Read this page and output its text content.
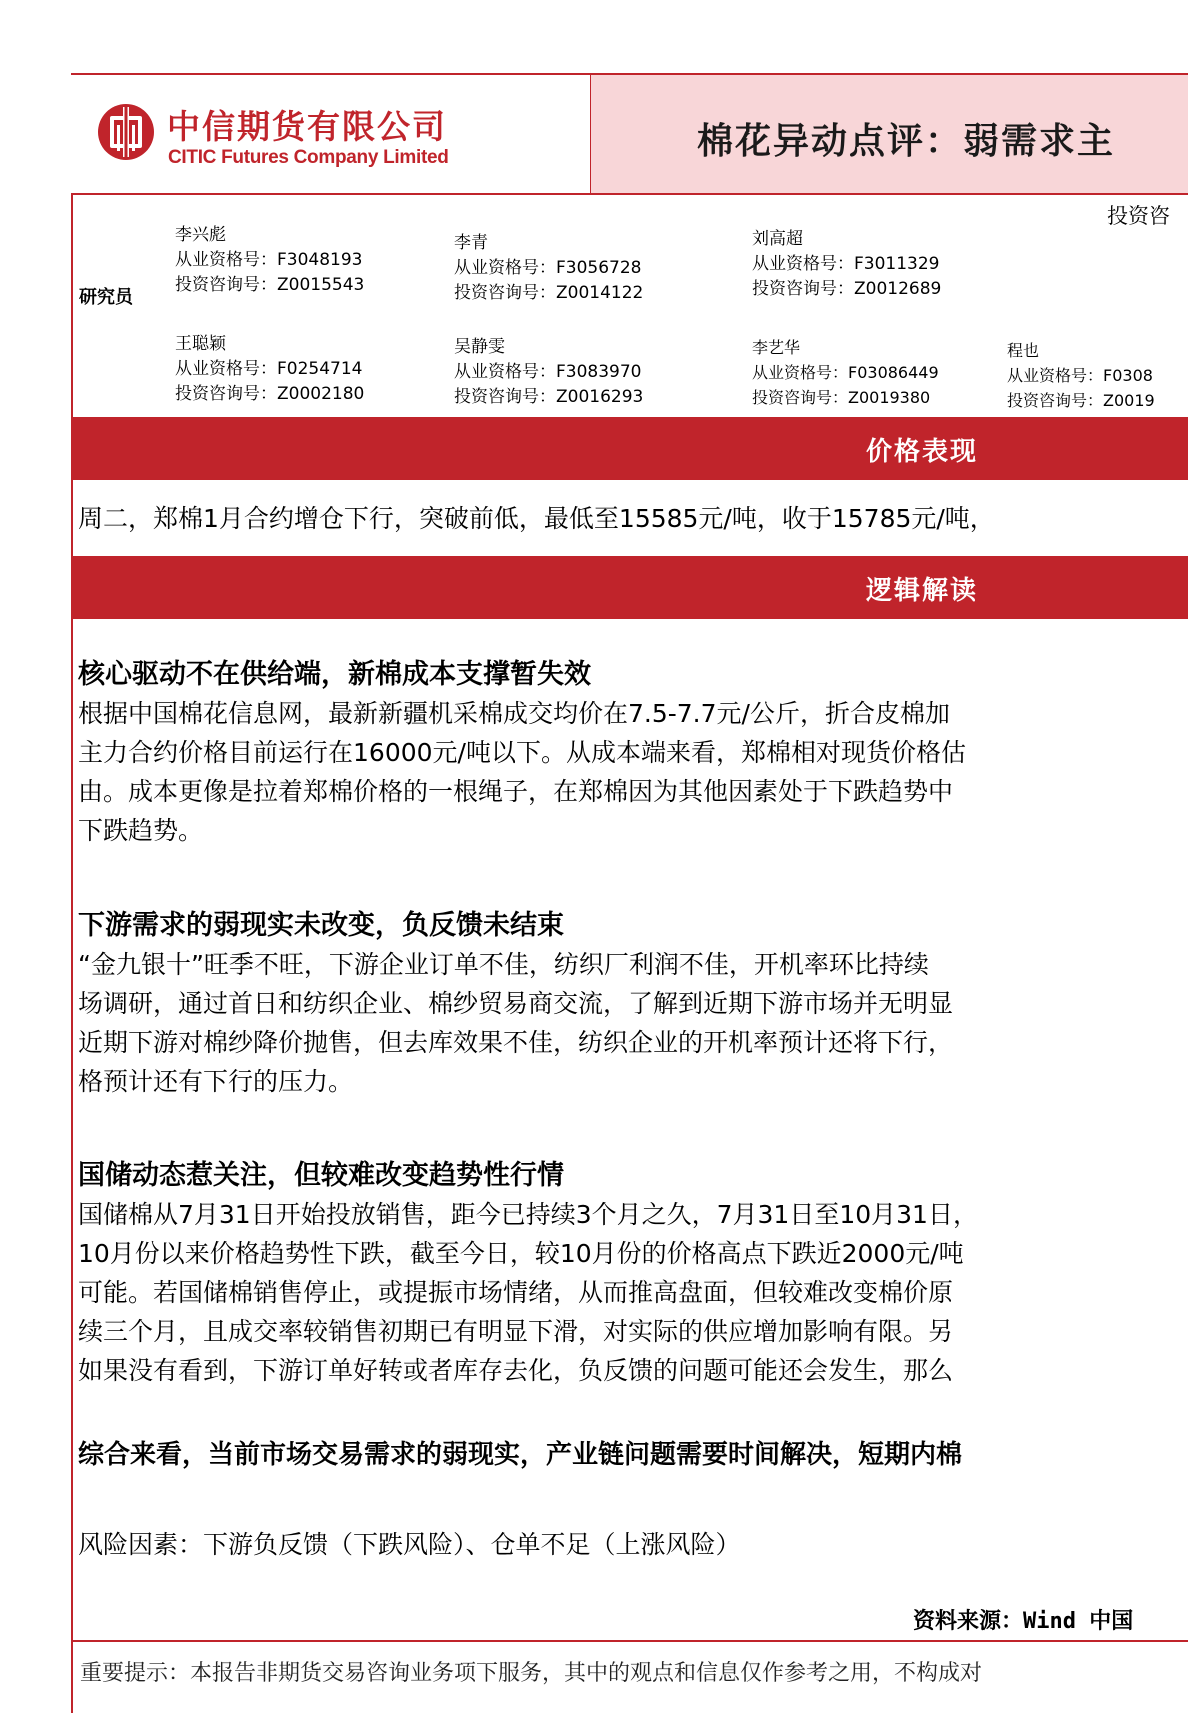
中信期货有限公司
CITIC Futures Company Limited	棉花异动点评：弱需求主
投资咨
研究员
李兴彪
从业资格号：F3048193
投资咨询号：Z0015543
李青
从业资格号：F3056728
投资咨询号：Z0014122
刘高超
从业资格号：F3011329
投资咨询号：Z0012689
王聪颖
从业资格号：F0254714
投资咨询号：Z0002180
吴静雯
从业资格号：F3083970
投资咨询号：Z0016293
李艺华
从业资格号：F03086449
投资咨询号：Z0019380
程也
从业资格号：F0308
投资咨询号：Z0019
价格表现
周二，郑棉1月合约增仓下行，突破前低，最低至15585元/吨，收于15785元/吨，
逻辑解读
核心驱动不在供给端，新棉成本支撑暂失效
根据中国棉花信息网，最新新疆机采棉成交均价在7.5-7.7元/公斤，折合皮棉加
主力合约价格目前运行在16000元/吨以下。从成本端来看，郑棉相对现货价格估
由。成本更像是拉着郑棉价格的一根绳子，在郑棉因为其他因素处于下跌趋势中
下跌趋势。
下游需求的弱现实未改变，负反馈未结束
“金九银十”旺季不旺，下游企业订单不佳，纺织厂利润不佳，开机率环比持续
场调研，通过首日和纺织企业、棉纱贸易商交流，了解到近期下游市场并无明显
近期下游对棉纱降价抛售，但去库效果不佳，纺织企业的开机率预计还将下行，
格预计还有下行的压力。
国储动态惹关注，但较难改变趋势性行情
国储棉从7月31日开始投放销售，距今已持续3个月之久，7月31日至10月31日，
10月份以来价格趋势性下跌，截至今日，较10月份的价格高点下跌近2000元/吨
可能。若国储棉销售停止，或提振市场情绪，从而推高盘面，但较难改变棉价原
续三个月，且成交率较销售初期已有明显下滑，对实际的供应增加影响有限。另
如果没有看到，下游订单好转或者库存去化，负反馈的问题可能还会发生，那么
综合来看，当前市场交易需求的弱现实，产业链问题需要时间解决，短期内棉
风险因素：下游负反馈（下跌风险）、仓单不足（上涨风险）
资料来源：Wind 中国
重要提示：本报告非期货交易咨询业务项下服务，其中的观点和信息仅作参考之用，不构成对
